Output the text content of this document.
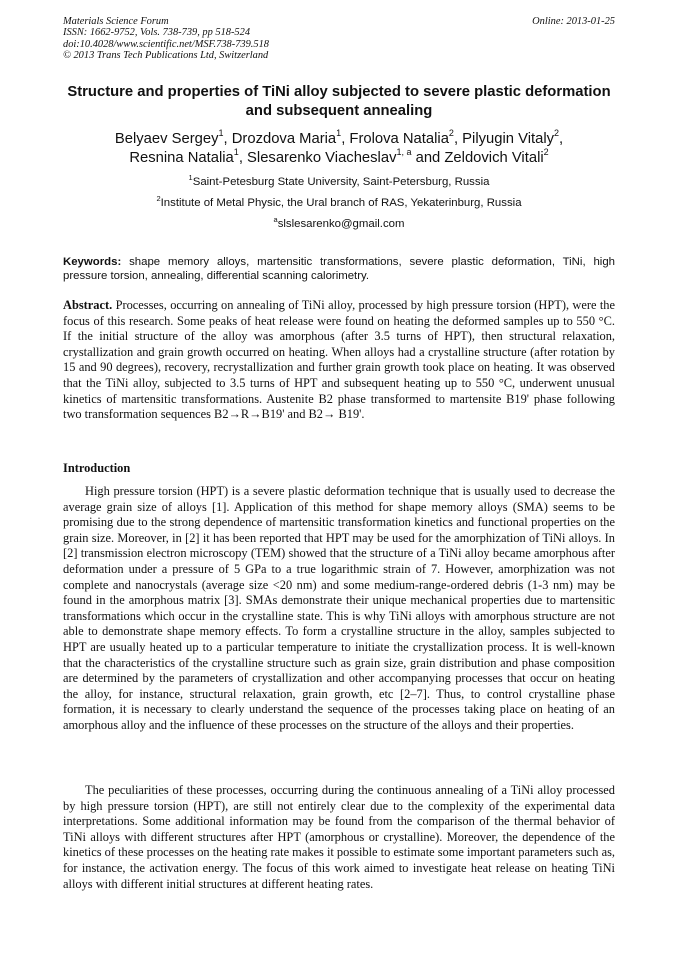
Materials Science Forum
ISSN: 1662-9752, Vols. 738-739, pp 518-524
doi:10.4028/www.scientific.net/MSF.738-739.518
© 2013 Trans Tech Publications Ltd, Switzerland
Online: 2013-01-25
Structure and properties of TiNi alloy subjected to severe plastic deformation and subsequent annealing
Belyaev Sergey$^1$, Drozdova Maria$^1$, Frolova Natalia$^2$, Pilyugin Vitaly$^2$,
Resnina Natalia$^1$, Slesarenko Viacheslav$^{1, a}$ and Zeldovich Vitali$^2$
$^1$Saint-Petesburg State University, Saint-Petersburg, Russia
$^2$Institute of Metal Physic, the Ural branch of RAS, Yekaterinburg, Russia
$^a$slslesarenko@gmail.com
Keywords: shape memory alloys, martensitic transformations, severe plastic deformation, TiNi, high pressure torsion, annealing, differential scanning calorimetry.
Abstract. Processes, occurring on annealing of TiNi alloy, processed by high pressure torsion (HPT), were the focus of this research. Some peaks of heat release were found on heating the deformed samples up to 550 °C. If the initial structure of the alloy was amorphous (after 3.5 turns of HPT), then structural relaxation, crystallization and grain growth occurred on heating. When alloys had a crystalline structure (after rotation by 15 and 90 degrees), recovery, recrystallization and further grain growth took place on heating. It was observed that the TiNi alloy, subjected to 3.5 turns of HPT and subsequent heating up to 550 °C, underwent unusual kinetics of martensitic transformations. Austenite B2 phase transformed to martensite B19' phase following two transformation sequences B2→R→B19' and B2→ B19'.
Introduction
High pressure torsion (HPT) is a severe plastic deformation technique that is usually used to decrease the average grain size of alloys [1]. Application of this method for shape memory alloys (SMA) seems to be promising due to the strong dependence of martensitic transformation kinetics and functional properties on the grain size. Moreover, in [2] it has been reported that HPT may be used for the amorphization of TiNi alloys. In [2] transmission electron microscopy (TEM) showed that the structure of a TiNi alloy became amorphous after deformation under a pressure of 5 GPa to a true logarithmic strain of 7. However, amorphization was not complete and nanocrystals (average size <20 nm) and some medium-range-ordered debris (1-3 nm) may be found in the amorphous matrix [3]. SMAs demonstrate their unique mechanical properties due to martensitic transformations which occur in the crystalline state. This is why TiNi alloys with amorphous structure are not able to demonstrate shape memory effects. To form a crystalline structure in the alloy, samples subjected to HPT are usually heated up to a particular temperature to initiate the crystallization process. It is well-known that the characteristics of the crystalline structure such as grain size, grain distribution and phase composition are determined by the parameters of crystallization and other accompanying processes that occur on heating the alloy, for instance, structural relaxation, grain growth, etc [2–7]. Thus, to control crystalline phase formation, it is necessary to clearly understand the sequence of the processes taking place on heating of an amorphous alloy and the influence of these processes on the structure of the alloys and their properties.
The peculiarities of these processes, occurring during the continuous annealing of a TiNi alloy processed by high pressure torsion (HPT), are still not entirely clear due to the complexity of the experimental data interpretations. Some additional information may be found from the comparison of the thermal behavior of TiNi alloys with different structures after HPT (amorphous or crystalline). Moreover, the dependence of the kinetics of these processes on the heating rate makes it possible to estimate some important parameters such as, for instance, the activation energy. The focus of this work aimed to investigate heat release on heating TiNi alloys with different initial structures at different heating rates.
